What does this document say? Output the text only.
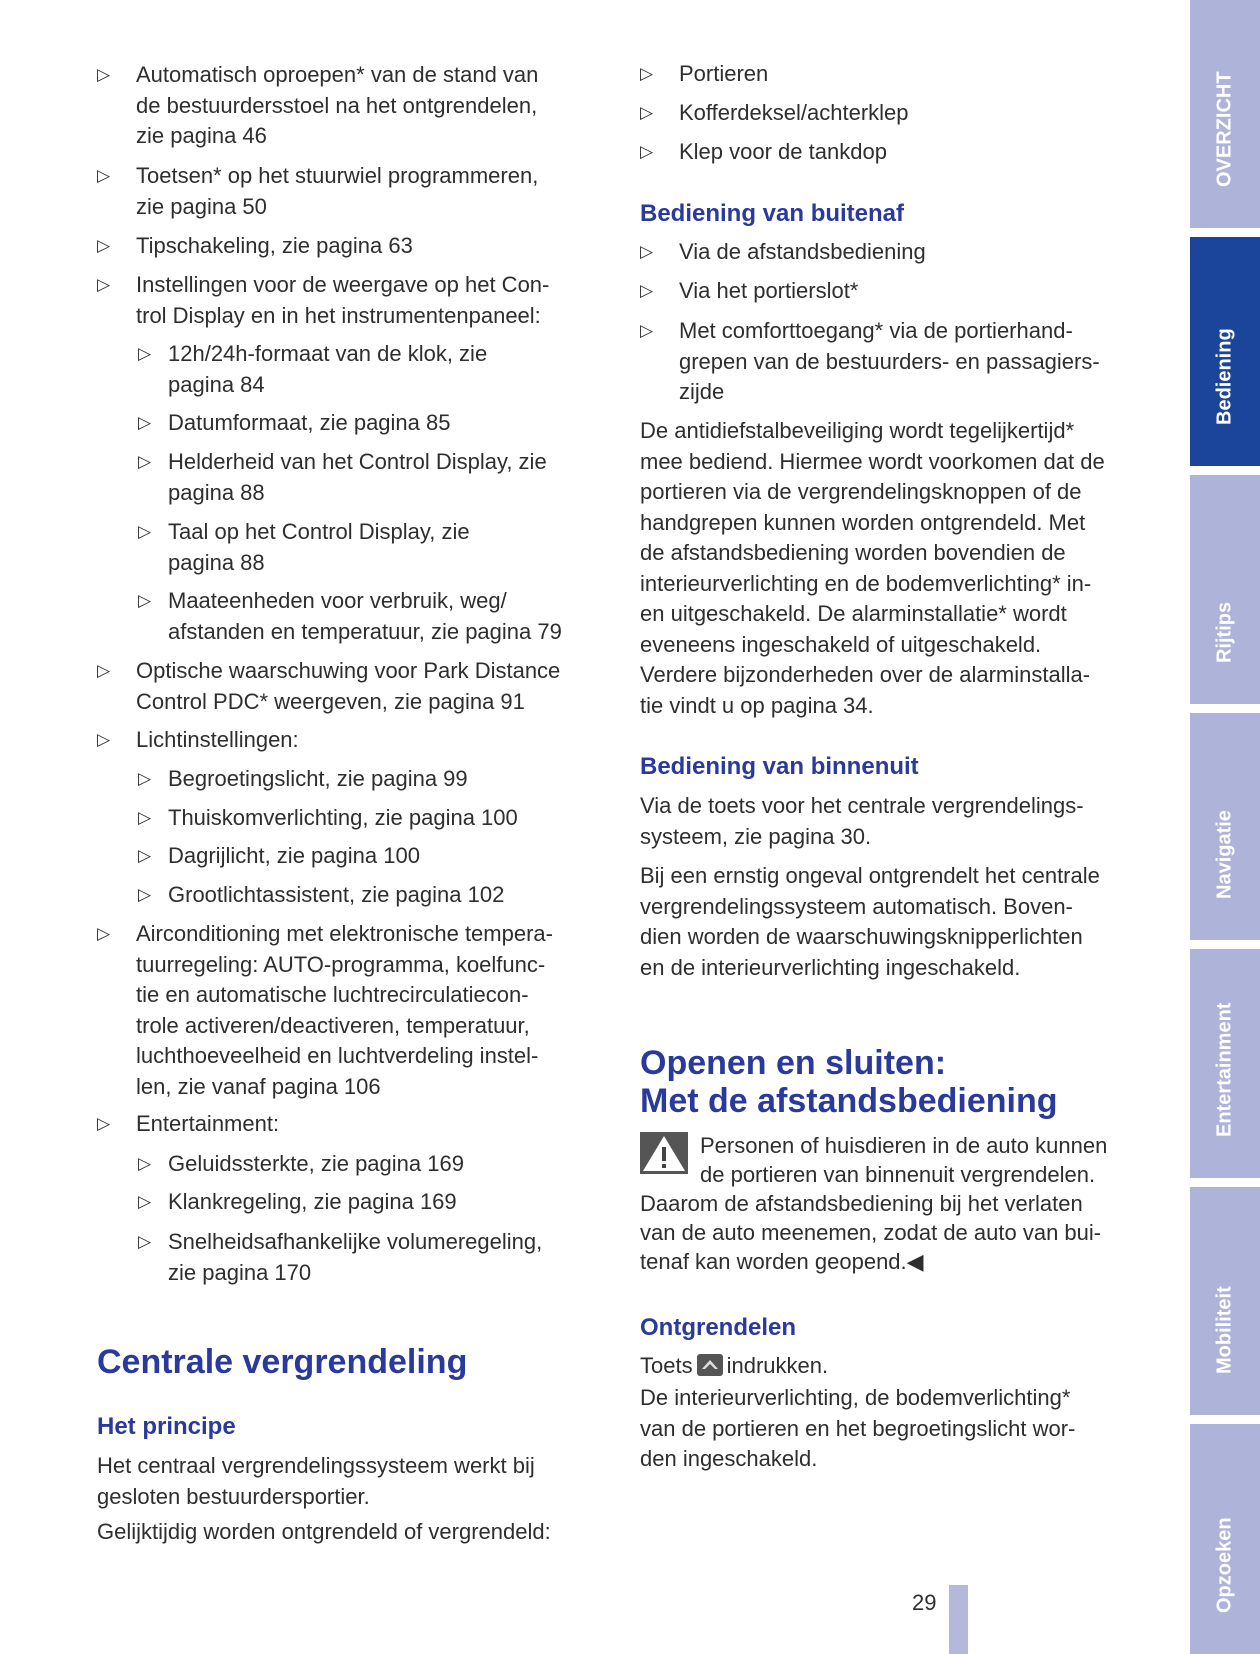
OVERZICHT
Bediening
Rijtips
Navigatie
Entertainment
Mobiliteit
Opzoeken
▷ Automatisch oproepen* van de stand van
de bestuurdersstoel na het ontgrendelen,
zie pagina 46
▷ Toetsen* op het stuurwiel programmeren,
zie pagina 50
▷ Tipschakeling, zie pagina 63
▷ Instellingen voor de weergave op het Con-
trol Display en in het instrumentenpaneel:
▷ 12h/24h-formaat van de klok, zie
pagina 84
▷ Datumformaat, zie pagina 85
▷ Helderheid van het Control Display, zie
pagina 88
▷ Taal op het Control Display, zie
pagina 88
▷ Maateenheden voor verbruik, weg/
afstanden en temperatuur, zie pagina 79
▷ Optische waarschuwing voor Park Distance
Control PDC* weergeven, zie pagina 91
▷ Lichtinstellingen:
▷ Begroetingslicht, zie pagina 99
▷ Thuiskomverlichting, zie pagina 100
▷ Dagrijlicht, zie pagina 100
▷ Grootlichtassistent, zie pagina 102
▷ Airconditioning met elektronische tempera-
tuurregeling: AUTO-programma, koelfunc-
tie en automatische luchtrecirculatiecon-
trole activeren/deactiveren, temperatuur,
luchthoeveelheid en luchtverdeling instel-
len, zie vanaf pagina 106
▷ Entertainment:
▷ Geluidssterkte, zie pagina 169
▷ Klankregeling, zie pagina 169
▷ Snelheidsafhankelijke volumeregeling,
zie pagina 170
Centrale vergrendeling
Het principe
Het centraal vergrendelingssysteem werkt bij
gesloten bestuurdersportier.
Gelijktijdig worden ontgrendeld of vergrendeld:
▷ Portieren
▷ Kofferdeksel/achterklep
▷ Klep voor de tankdop
Bediening van buitenaf
▷ Via de afstandsbediening
▷ Via het portierslot*
▷ Met comforttoegang* via de portierhand-
grepen van de bestuurders- en passagiers-
zijde
De antidiefstalbeveiliging wordt tegelijkertijd*
mee bediend. Hiermee wordt voorkomen dat de
portieren via de vergrendelingsknoppen of de
handgrepen kunnen worden ontgrendeld. Met
de afstandsbediening worden bovendien de
interieurverlichting en de bodemverlichting* in-
en uitgeschakeld. De alarminstallatie* wordt
eveneens ingeschakeld of uitgeschakeld.
Verdere bijzonderheden over de alarminstalla-
tie vindt u op pagina 34.
Bediening van binnenuit
Via de toets voor het centrale vergrendelings-
systeem, zie pagina 30.
Bij een ernstig ongeval ontgrendelt het centrale
vergrendelingssysteem automatisch. Boven-
dien worden de waarschuwingsknipperlichten
en de interieurverlichting ingeschakeld.
Openen en sluiten:
Met de afstandsbediening
Personen of huisdieren in de auto kunnen
de portieren van binnenuit vergrendelen.
Daarom de afstandsbediening bij het verlaten
van de auto meenemen, zodat de auto van bui-
tenaf kan worden geopend.◀
Ontgrendelen
Toets indrukken.
De interieurverlichting, de bodemverlichting*
van de portieren en het begroetingslicht wor-
den ingeschakeld.
29
